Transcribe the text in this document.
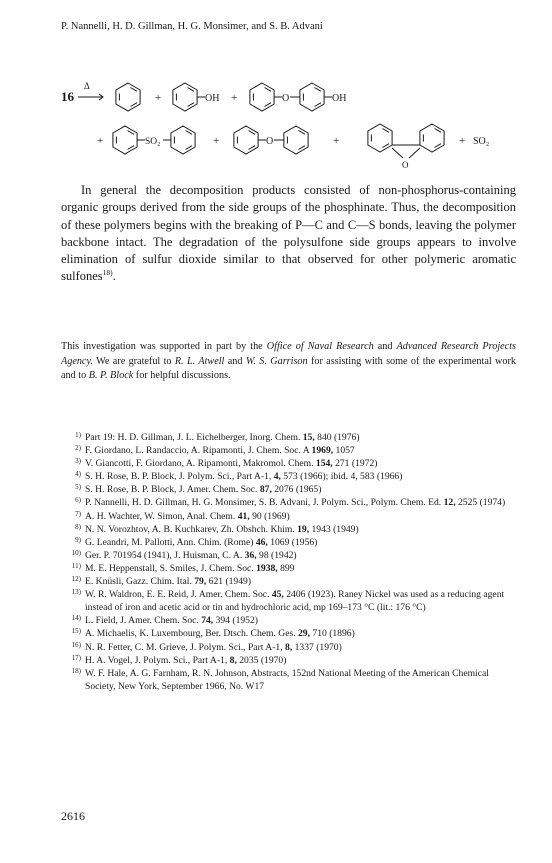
P. Nannelli, H. D. Gillman, H. G. Monsimer, and S. B. Advani
16
Δ
+	OH +	O	OH
+	SO₂	+	O	+
O
+ SO₂
In general the decomposition products consisted of non-phosphorus-containing organic groups derived from the side groups of the phosphinate. Thus, the decomposition of these polymers begins with the breaking of P—C and C—S bonds, leaving the polymer backbone intact. The degradation of the polysulfone side groups appears to involve elimination of sulfur dioxide similar to that observed for other polymeric aromatic sulfones$^{18)}$.
This investigation was supported in part by the Office of Naval Research and Advanced Research Projects Agency. We are grateful to R. L. Atwell and W. S. Garrison for assisting with some of the experimental work and to B. P. Block for helpful discussions.
1 ) Part 19: H. D. Gillman, J. L. Eichelberger, Inorg. Chem. 15, 840 (1976)
2 ) F. Giordano, L. Randaccio, A. Ripamonti, J. Chem. Soc. A 1969, 1057
3 ) V. Giancotti, F. Giordano, A. Ripamonti, Makromol. Chem. 154, 271 (1972)
4 ) S. H. Rose, B. P. Block, J. Polym. Sci., Part A-1, 4, 573 (1966); ibid. 4, 583 (1966)
5 ) S. H. Rose, B. P. Block, J. Amer. Chem. Soc. 87, 2076 (1965)
6 ) P. Nannelli, H. D. Gillman, H. G. Monsimer, S. B. Advani, J. Polym. Sci., Polym. Chem. Ed. 12, 2525 (1974)
7 ) A. H. Wachter, W. Simon, Anal. Chem. 41, 90 (1969)
8 ) N. N. Vorozhtov, A. B. Kuchkarev, Zh. Obshch. Khim. 19, 1943 (1949)
9 ) G. Leandri, M. Pallotti, Ann. Chim. (Rome) 46, 1069 (1956)
10 ) Ger. P. 701954 (1941), J. Huisman, C. A. 36, 98 (1942)
11 ) M. E. Heppenstall, S. Smiles, J. Chem. Soc. 1938, 899
12 ) E. Knüsli, Gazz. Chim. Ital. 79, 621 (1949)
13 ) W. R. Waldron, E. E. Reid, J. Amer. Chem. Soc. 45, 2406 (1923). Raney Nickel was used as a reducing agent instead of iron and acetic acid or tin and hydrochloric acid, mp 169–173 °C (lit.: 176 °C)
14 ) L. Field, J. Amer. Chem. Soc. 74, 394 (1952)
15 ) A. Michaelis, K. Luxembourg, Ber. Dtsch. Chem. Ges. 29, 710 (1896)
16 ) N. R. Fetter, C. M. Grieve, J. Polym. Sci., Part A-1, 8, 1337 (1970)
17 ) H. A. Vogel, J. Polym. Sci., Part A-1, 8, 2035 (1970)
18 ) W. F. Hale, A. G. Farnham, R. N. Johnson, Abstracts, 152nd National Meeting of the American Chemical Society, New York, September 1966, No. W17
2616
